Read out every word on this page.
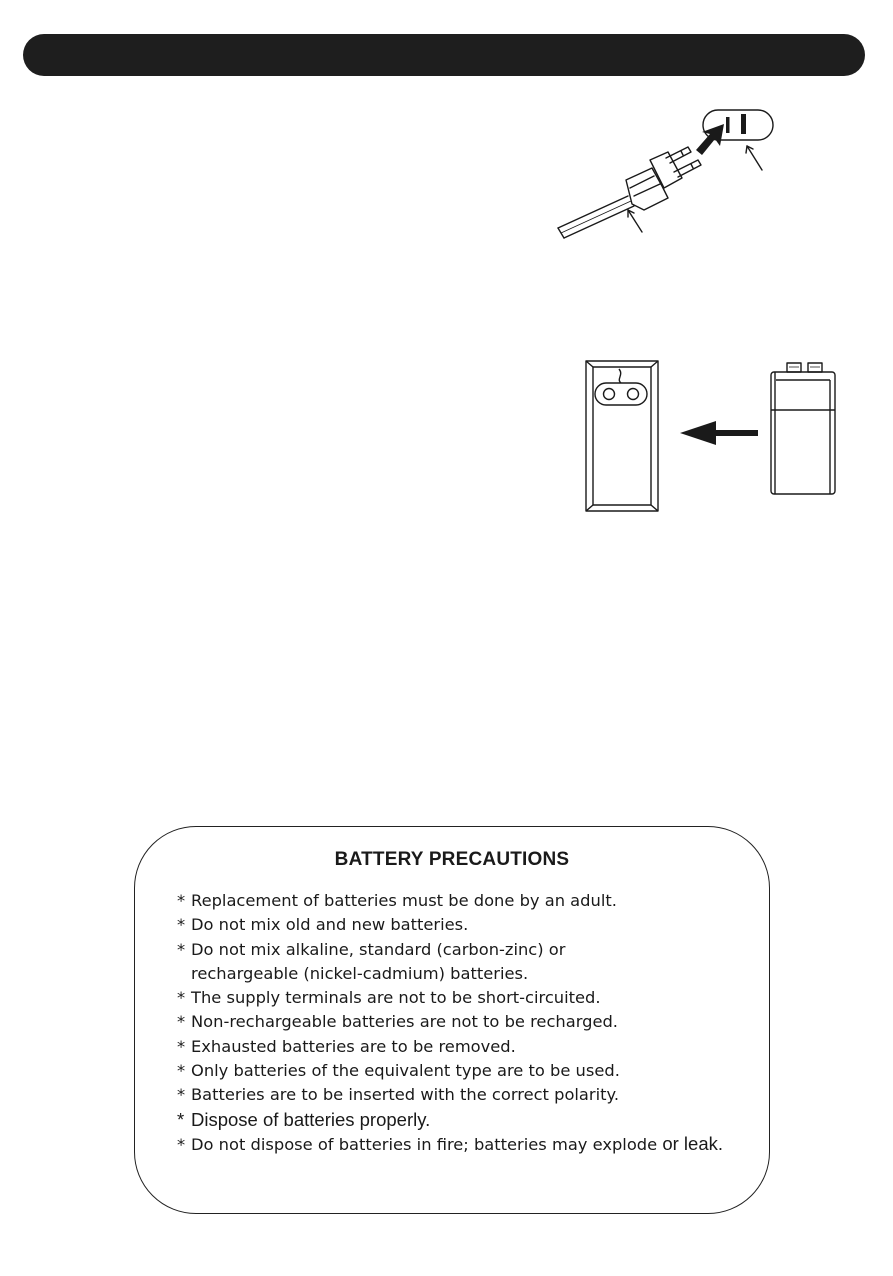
BATTERY PRECAUTIONS
* Replacement of batteries must be done by an adult.
* Do not mix old and new batteries.
* Do not mix alkaline, standard (carbon-zinc) or
rechargeable (nickel-cadmium) batteries.
* The supply terminals are not to be short-circuited.
* Non-rechargeable batteries are not to be recharged.
* Exhausted batteries are to be removed.
* Only batteries of the equivalent type are to be used.
* Batteries are to be inserted with the correct polarity.
* Dispose of batteries properly.
* Do not dispose of batteries in fire; batteries may explode or leak.
